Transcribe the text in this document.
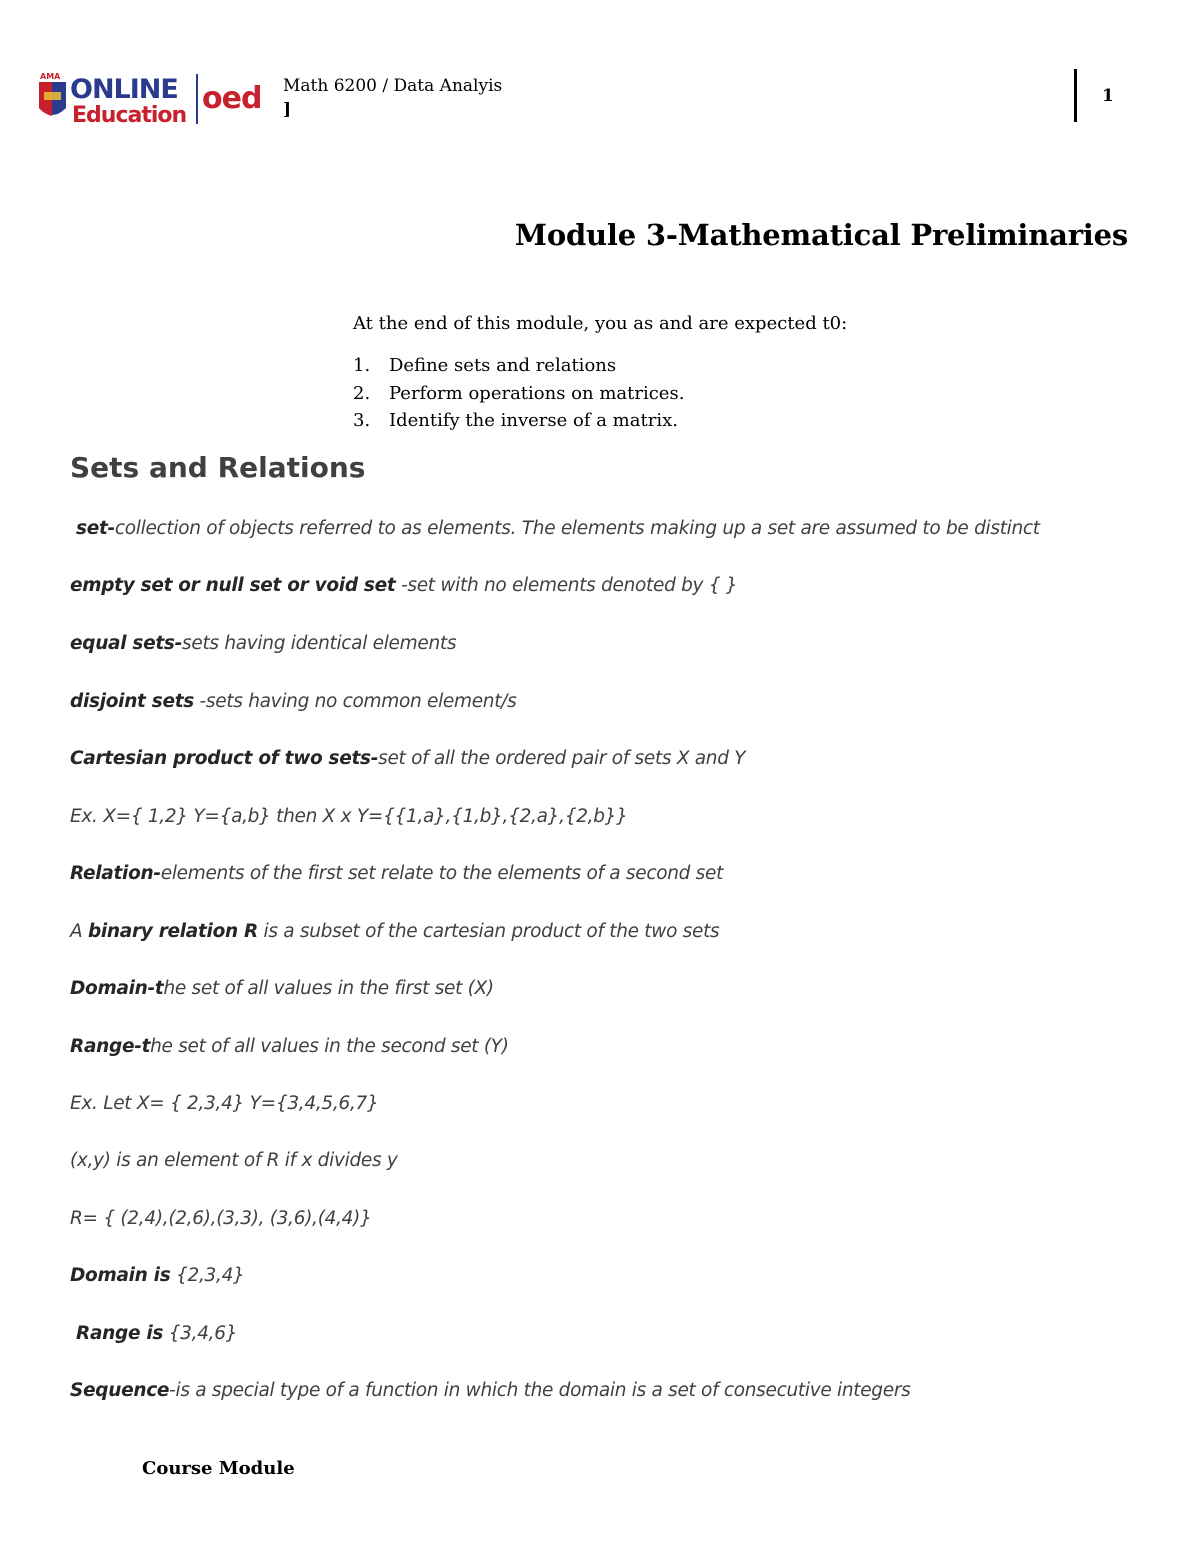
AMA ONLINE
Education oed Math 6200 / Data Analyis
]
1
Module 3-Mathematical Preliminaries
At the end of this module, you as and are expected t0:
1. Define sets and relations
2. Perform operations on matrices.
3. Identify the inverse of a matrix.
Sets and Relations
set-collection of objects referred to as elements. The elements making up a set are assumed to be distinct
empty set or null set or void set -set with no elements denoted by { }
equal sets-sets having identical elements
disjoint sets -sets having no common element/s
Cartesian product of two sets-set of all the ordered pair of sets X and Y
Ex. X={ 1,2} Y={a,b} then X x Y={{1,a},{1,b},{2,a},{2,b}}
Relation-elements of the first set relate to the elements of a second set
A binary relation R is a subset of the cartesian product of the two sets
Domain-the set of all values in the first set (X)
Range-the set of all values in the second set (Y)
Ex. Let X= { 2,3,4} Y={3,4,5,6,7}
(x,y) is an element of R if x divides y
R= { (2,4),(2,6),(3,3), (3,6),(4,4)}
Domain is {2,3,4}
Range is {3,4,6}
Sequence-is a special type of a function in which the domain is a set of consecutive integers
Course Module
